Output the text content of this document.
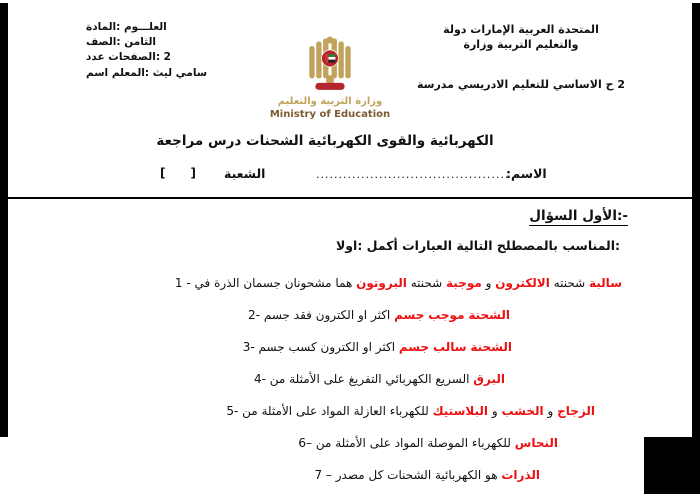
المادة: العلـــوم
الصف: الثامن
عدد الصفحات: 2
اسم المعلم: ليث سامي
وزارة التربية والتعليم
Ministry of Education
دولة الإمارات العربية المتحدة
وزارة التربية والتعليم
مدرسة الادريسي للتعليم الاساسي ح 2
مراجعة درس الشحنات الكهربائية والقوى الكهربائية
[      ] الشعبة	...........................................
الاسم:
السؤال الأول:-
اولا: أكمل العبارات التالية بالمصطلح المناسب:
1 - في الذرة جسمان مشحونان هما البروتون شحنته موجبة و الالكترون شحنته سالبة
2- جسم فقد الكترون او اكثر جسم موجب الشحنة
3- جسم كسب الكترون او اكثر جسم سالب الشحنة
4- من الأمثلة على التفريغ الكهربائي السريع البرق
5- من الأمثلة على المواد العازلة للكهرباء البلاستيك و الخشب و الزجاج
6– من الأمثلة على المواد الموصلة للكهرباء النحاس
7 – مصدر كل الشحنات الكهربائية هو الذرات
